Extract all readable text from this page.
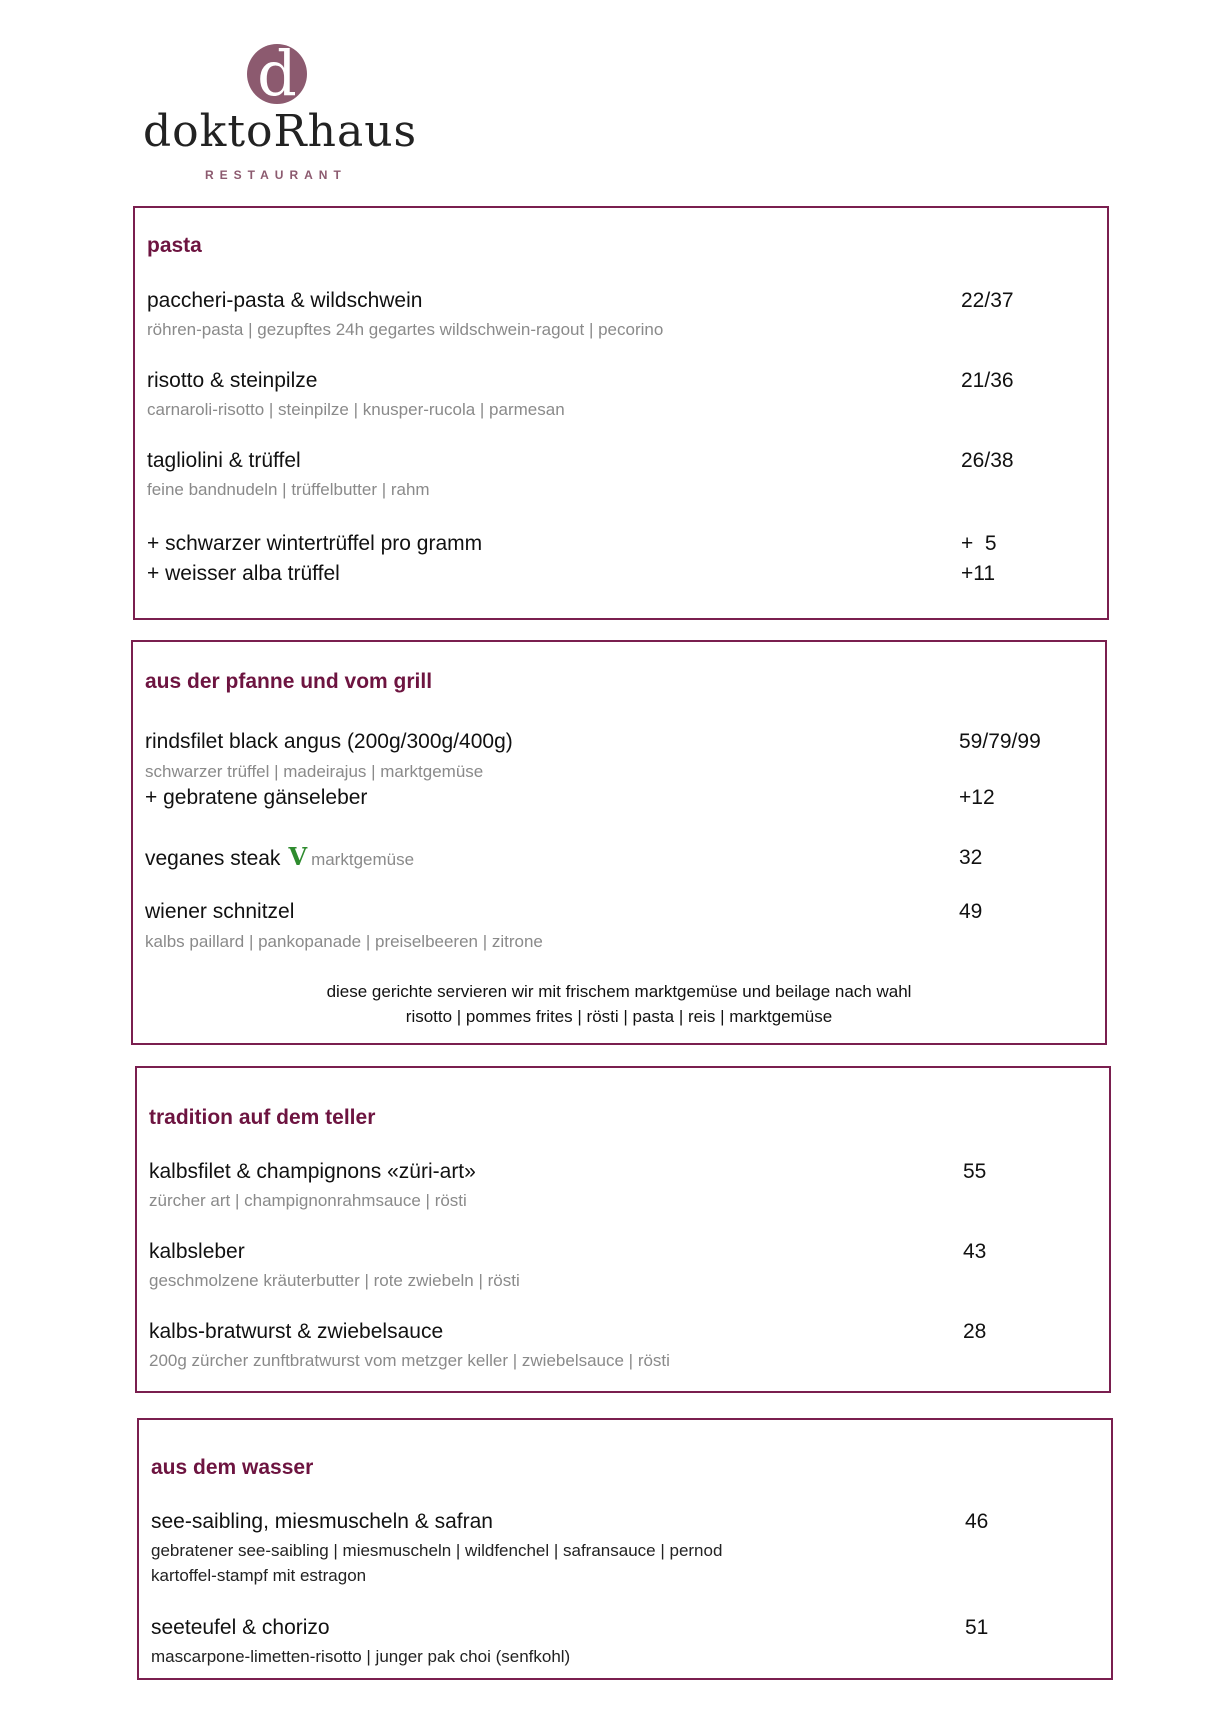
d
doktoRhaus
RESTAURANT
pasta
paccheri-pasta & wildschwein	22/37
röhren-pasta | gezupftes 24h gegartes wildschwein-ragout | pecorino
risotto & steinpilze	21/36
carnaroli-risotto | steinpilze | knusper-rucola | parmesan
tagliolini & trüffel	26/38
feine bandnudeln | trüffelbutter | rahm
+ schwarzer wintertrüffel pro gramm	+  5
+ weisser alba trüffel	+11
aus der pfanne und vom grill
rindsfilet black angus (200g/300g/400g)	59/79/99
schwarzer trüffel | madeirajus | marktgemüse
+ gebratene gänseleber	+12
veganes steak V marktgemüse	32
wiener schnitzel	49
kalbs paillard | pankopanade | preiselbeeren | zitrone
diese gerichte servieren wir mit frischem marktgemüse und beilage nach wahl
risotto | pommes frites | rösti | pasta | reis | marktgemüse
tradition auf dem teller
kalbsfilet & champignons «züri-art»	55
zürcher art | champignonrahmsauce | rösti
kalbsleber	43
geschmolzene kräuterbutter | rote zwiebeln | rösti
kalbs-bratwurst & zwiebelsauce	28
200g zürcher zunftbratwurst vom metzger keller | zwiebelsauce | rösti
aus dem wasser
see-saibling, miesmuscheln & safran	46
gebratener see-saibling | miesmuscheln | wildfenchel | safransauce | pernod
kartoffel-stampf mit estragon
seeteufel & chorizo	51
mascarpone-limetten-risotto | junger pak choi (senfkohl)
